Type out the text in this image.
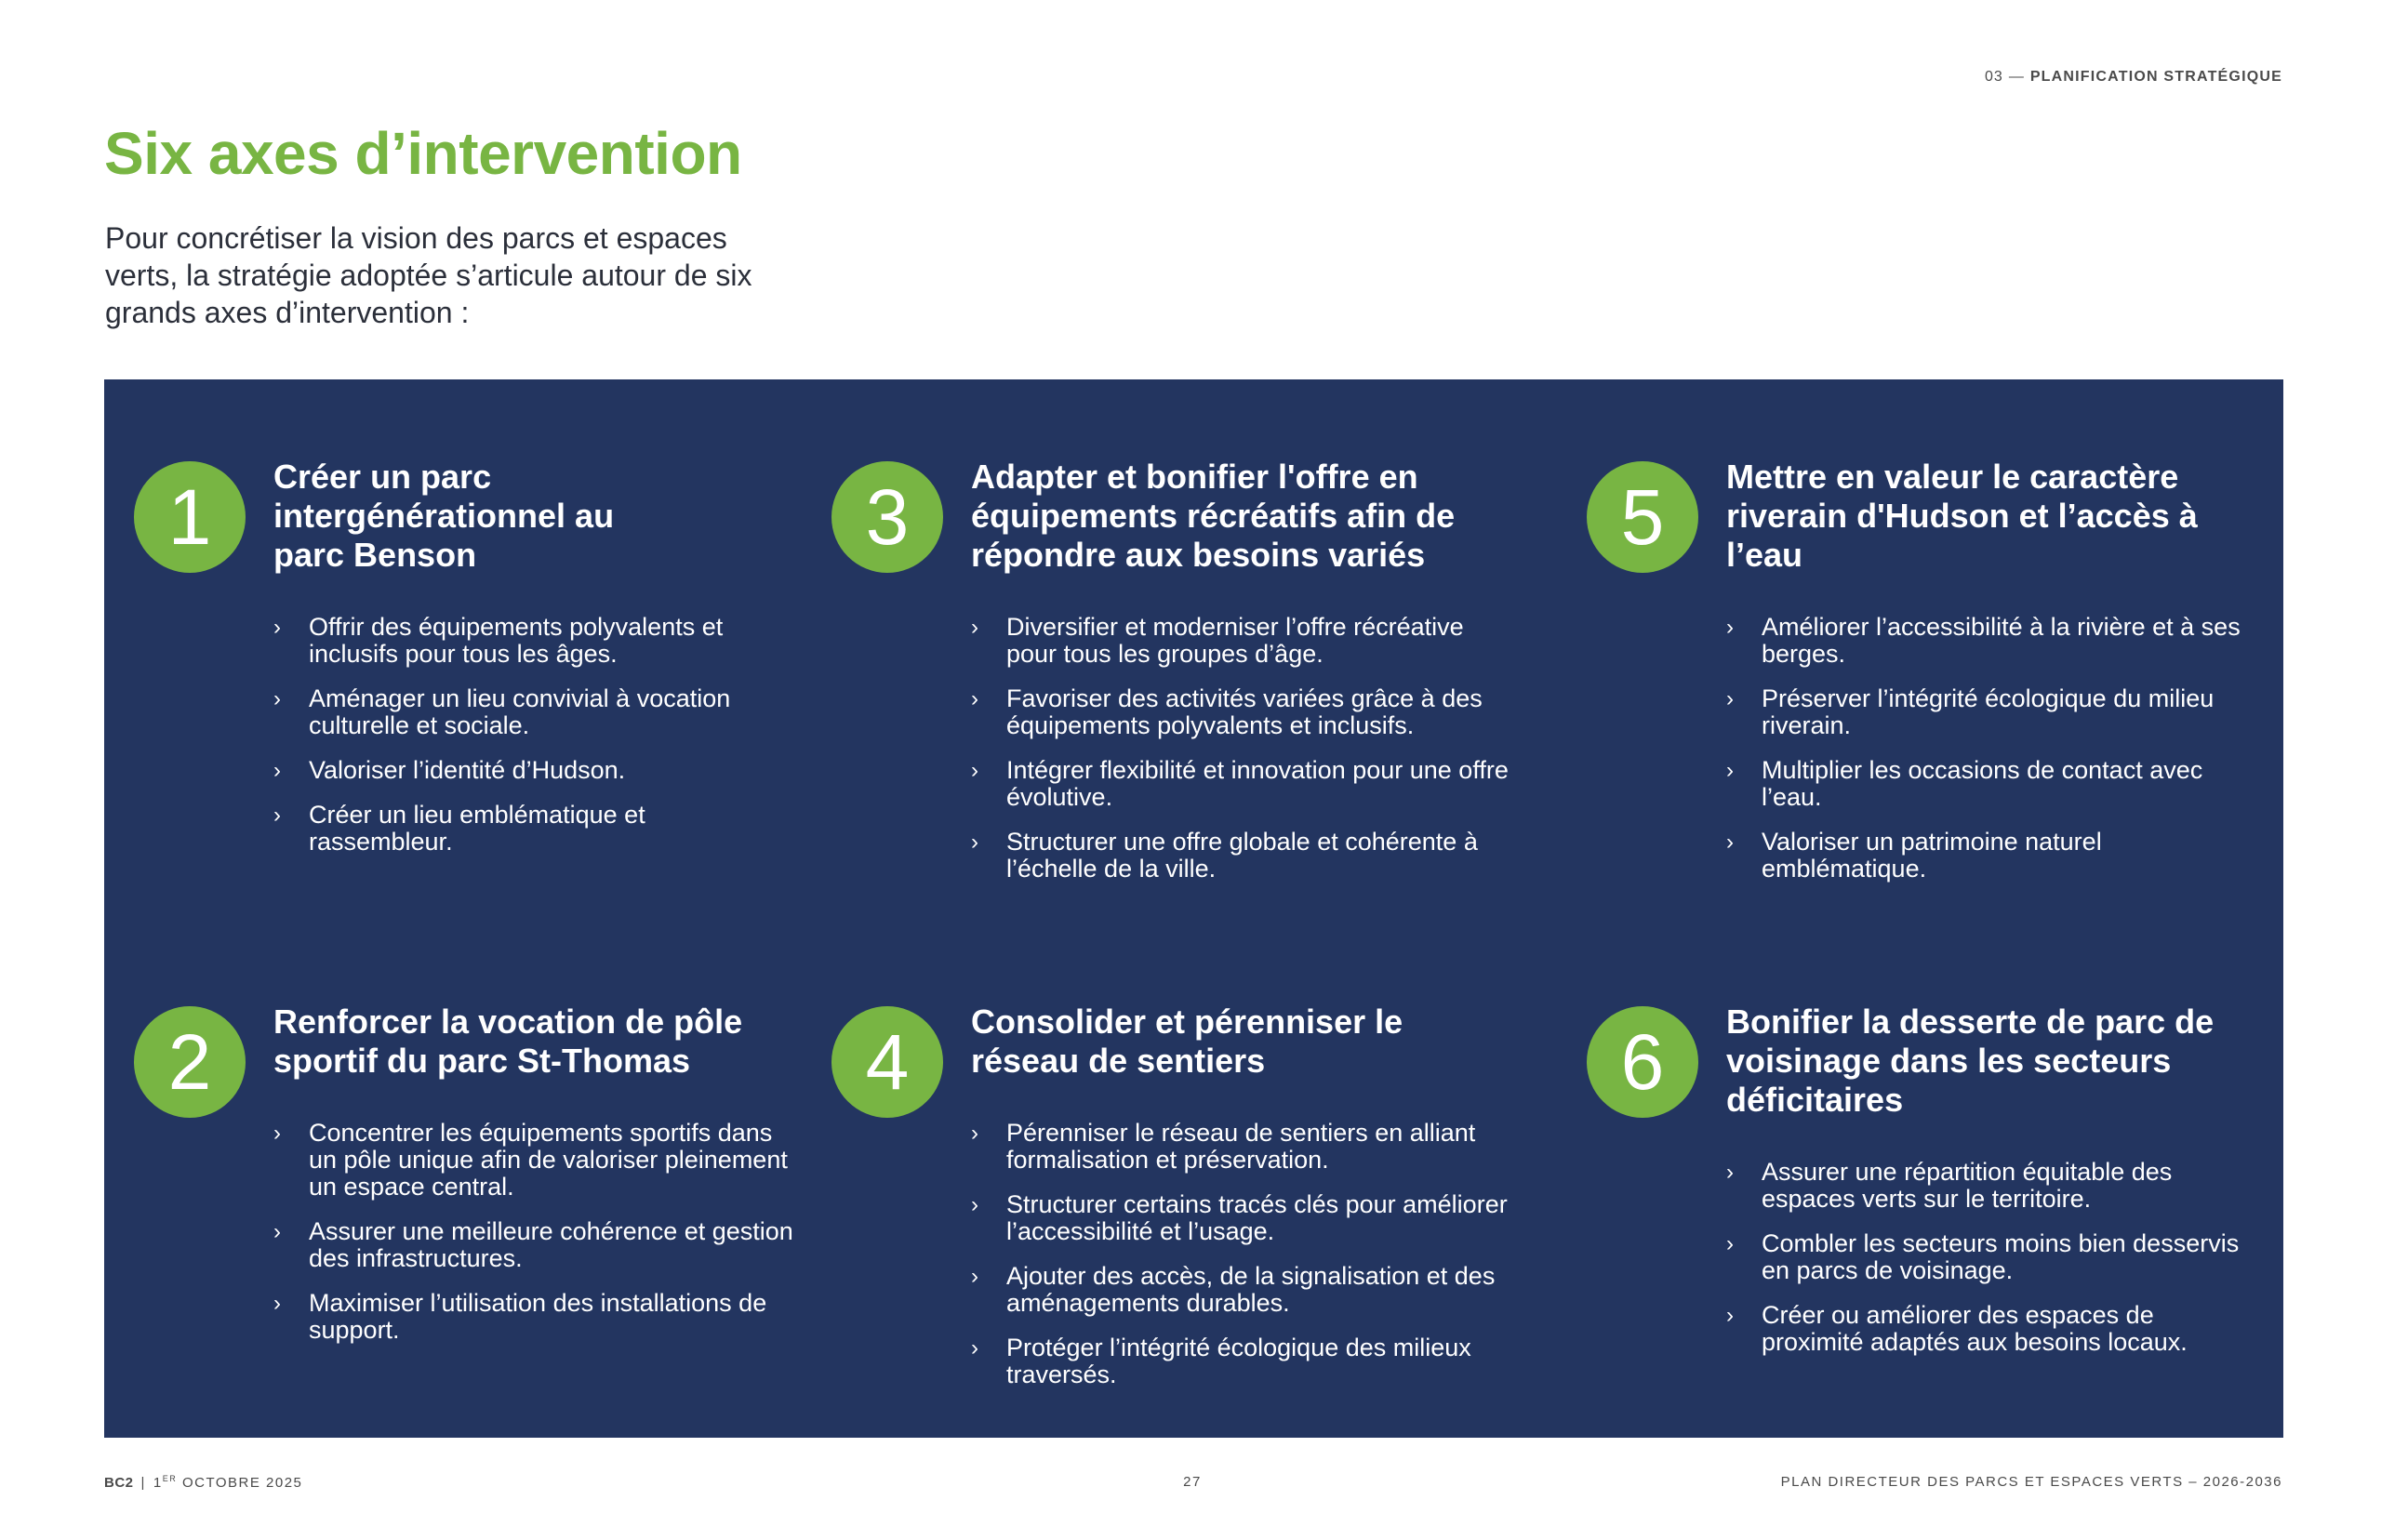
03 — PLANIFICATION STRATÉGIQUE
Six axes d’intervention

Pour concrétiser la vision des parcs et espaces verts, la stratégie adoptée s’articule autour de six grands axes d’intervention :

1	Créer un parc intergénérationnel au parc Benson
› Offrir des équipements polyvalents et inclusifs pour tous les âges.
› Aménager un lieu convivial à vocation culturelle et sociale.
› Valoriser l’identité d’Hudson.
› Créer un lieu emblématique et rassembleur.
2	Renforcer la vocation de pôle sportif du parc St-Thomas
› Concentrer les équipements sportifs dans un pôle unique afin de valoriser pleinement un espace central.
› Assurer une meilleure cohérence et gestion des infrastructures.
› Maximiser l’utilisation des installations de support.
3	Adapter et bonifier l'offre en équipements récréatifs afin de répondre aux besoins variés
› Diversifier et moderniser l’offre récréative pour tous les groupes d’âge.
› Favoriser des activités variées grâce à des équipements polyvalents et inclusifs.
› Intégrer flexibilité et innovation pour une offre évolutive.
› Structurer une offre globale et cohérente à l’échelle de la ville.
4	Consolider et pérenniser le réseau de sentiers
› Pérenniser le réseau de sentiers en alliant formalisation et préservation.
› Structurer certains tracés clés pour améliorer l’accessibilité et l’usage.
› Ajouter des accès, de la signalisation et des aménagements durables.
› Protéger l’intégrité écologique des milieux traversés.
5	Mettre en valeur le caractère riverain d'Hudson et l’accès à l’eau
› Améliorer l’accessibilité à la rivière et à ses berges.
› Préserver l’intégrité écologique du milieu riverain.
› Multiplier les occasions de contact avec l’eau.
› Valoriser un patrimoine naturel emblématique.
6	Bonifier la desserte de parc de voisinage dans les secteurs déficitaires
› Assurer une répartition équitable des espaces verts sur le territoire.
› Combler les secteurs moins bien desservis en parcs de voisinage.
› Créer ou améliorer des espaces de proximité adaptés aux besoins locaux.
BC2 | 1ER OCTOBRE 2025	27	PLAN DIRECTEUR DES PARCS ET ESPACES VERTS – 2026-2036
